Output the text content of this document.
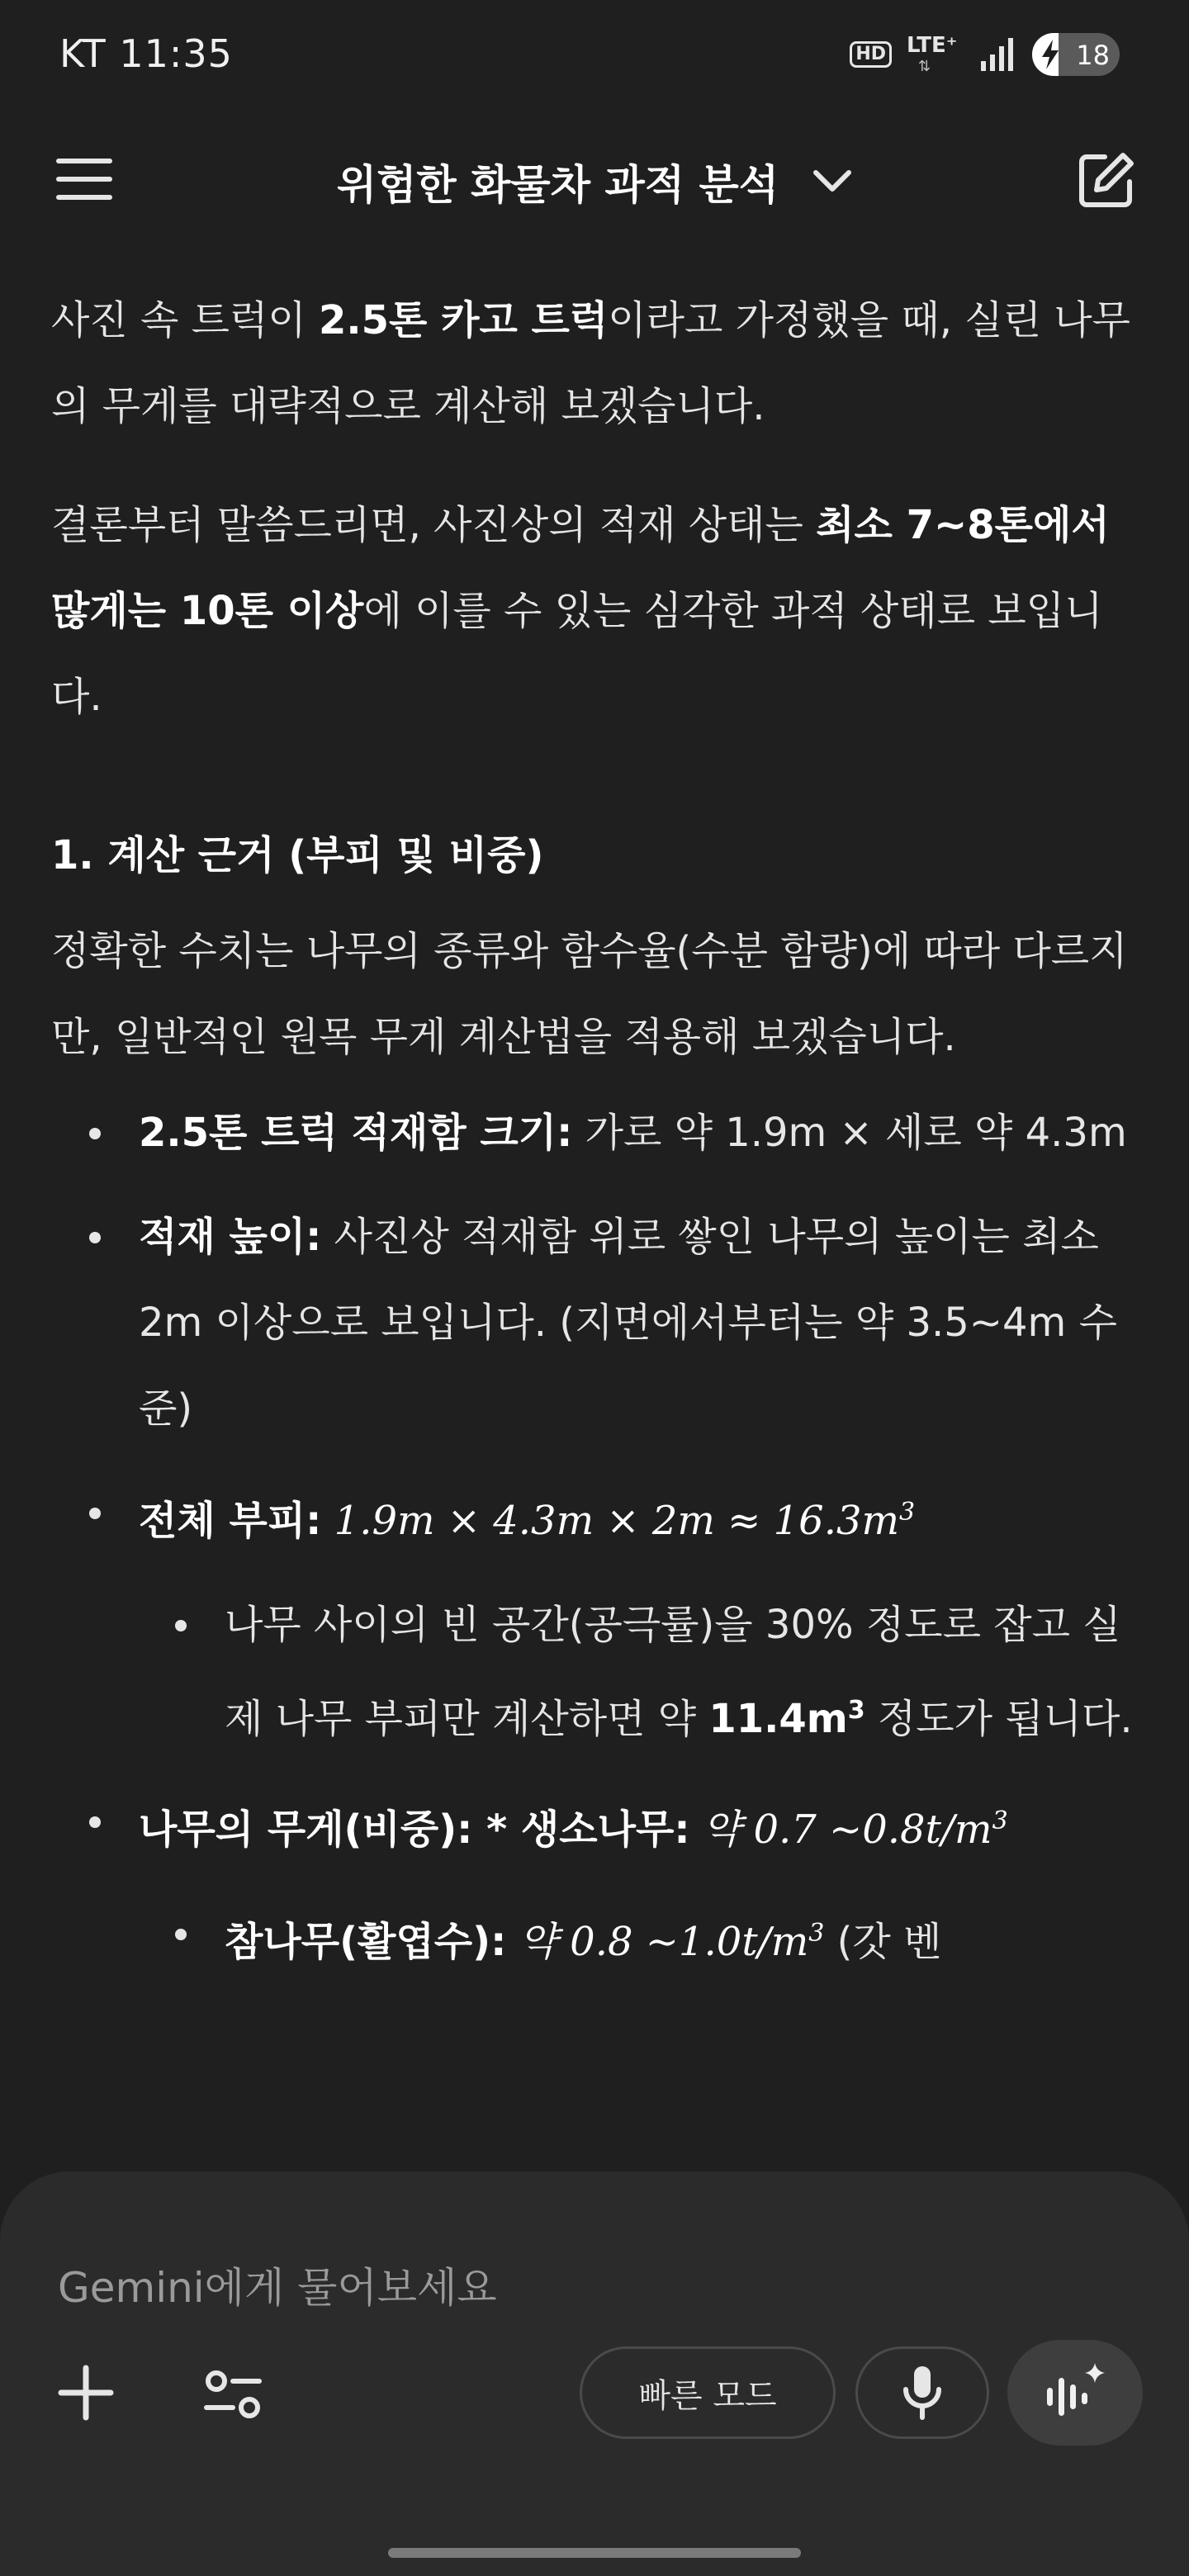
KT 11:35	HD LTE⁺
⇅	18
위험한 화물차 과적 분석

사진 속 트럭이 2.5톤 카고 트럭이라고 가정했을 때, 실린 나무의 무게를 대략적으로 계산해 보겠습니다.

결론부터 말씀드리면, 사진상의 적재 상태는 최소 7~8톤에서 많게는 10톤 이상에 이를 수 있는 심각한 과적 상태로 보입니다.

1. 계산 근거 (부피 및 비중)

정확한 수치는 나무의 종류와 함수율(수분 함량)에 따라 다르지만, 일반적인 원목 무게 계산법을 적용해 보겠습니다.

2.5톤 트럭 적재함 크기: 가로 약 1.9m × 세로 약 4.3m
적재 높이: 사진상 적재함 위로 쌓인 나무의 높이는 최소 2m 이상으로 보입니다. (지면에서부터는 약 3.5~4m 수준)
전체 부피: $1.9m \times 4.3m \times 2m \approx 16.3m^3$
나무 사이의 빈 공간(공극률)을 30% 정도로 잡고 실제 나무 부피만 계산하면 약 $11.4m^3$ 정도가 됩니다.
나무의 무게(비중): * 생소나무: 약 0.7 $\sim 0.8t/m^3$
참나무(활엽수): 약 0.8 $\sim 1.0t/m^3$ (갓 벤
Gemini에게 물어보세요
빠른 모드
